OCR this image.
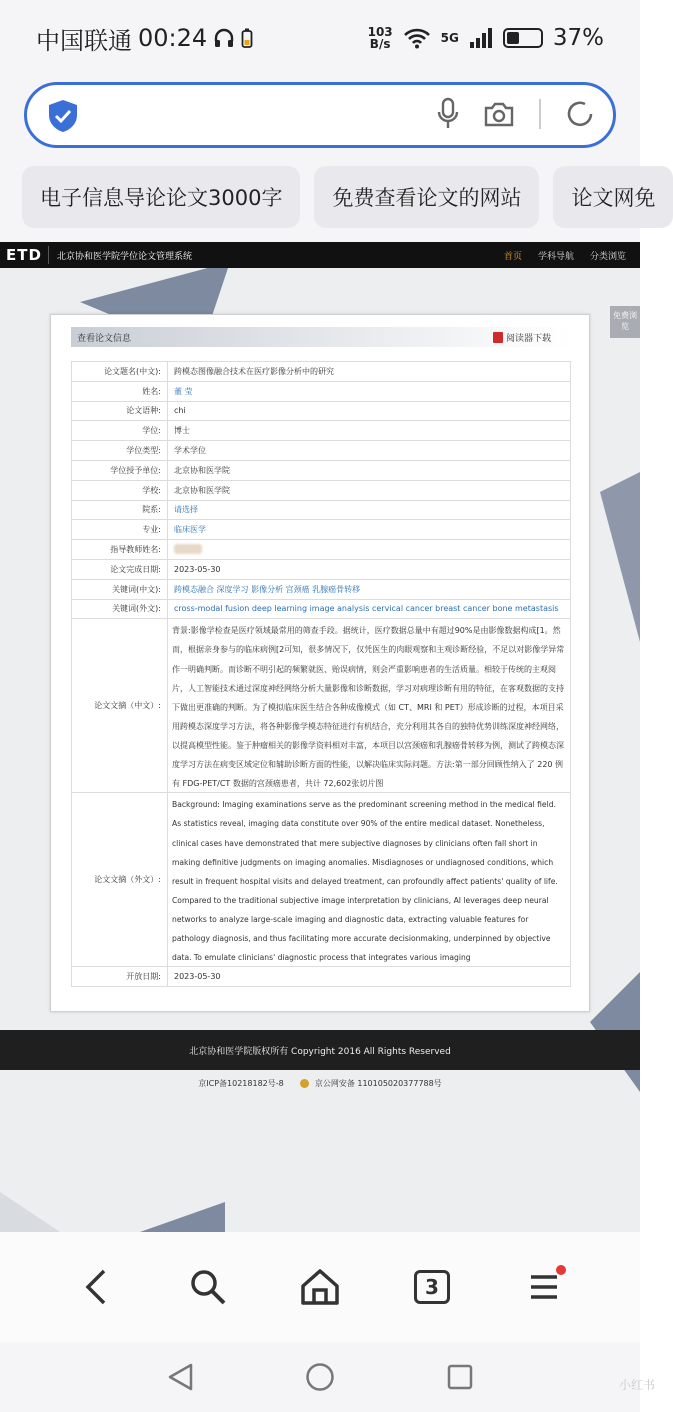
中国联通 00:24	103
B/s	5G	37%
电子信息导论论文3000字	免费查看论文的网站	论文网免
ETD	北京协和医学院学位论文管理系统	首页 学科导航 分类浏览
免费浏览
查看论文信息	阅读器下载
论文题名(中文):	跨模态图像融合技术在医疗影像分析中的研究
姓名:	董 莹
论文语种:	chi
学位:	博士
学位类型:	学术学位
学位授予单位:	北京协和医学院
学校:	北京协和医学院
院系:	请选择
专业:	临床医学
指导教师姓名:	
论文完成日期:	2023-05-30
关键词(中文):	跨模态融合 深度学习 影像分析 宫颈癌 乳腺癌骨转移
关键词(外文):	cross-modal fusion deep learning image analysis cervical cancer breast cancer bone metastasis
论文文摘（中文）:	背景:影像学检查是医疗领域最常用的筛查手段。据统计，医疗数据总量中有超过90%是由影像数据构成[1。然而，根据亲身参与的临床病例[2可知，很多情况下，仅凭医生的肉眼观察和主观诊断经验，不足以对影像学异常作一明确判断。而诊断不明引起的频繁就医、贻误病情，则会严重影响患者的生活质量。相较于传统的主观阅片，人工智能技术通过深度神经网络分析大量影像和诊断数据，学习对病理诊断有用的特征，在客观数据的支持下做出更准确的判断。为了模拟临床医生结合各种成像模式（如 CT、MRI 和 PET）形成诊断的过程，本项目采用跨模态深度学习方法，将各种影像学模态特征进行有机结合，充分利用其各自的独特优势训练深度神经网络，以提高模型性能。鉴于肿瘤相关的影像学资料相对丰富，本项目以宫颈癌和乳腺癌骨转移为例，测试了跨模态深度学习方法在病变区域定位和辅助诊断方面的性能，以解决临床实际问题。方法:第一部分回顾性纳入了 220 例有 FDG-PET/CT 数据的宫颈癌患者，共计 72,602张切片图

论文文摘（外文）:	Background: Imaging examinations serve as the predominant screening method in the medical field. As statistics reveal, imaging data constitute over 90% of the entire medical dataset. Nonetheless, clinical cases have demonstrated that mere subjective diagnoses by clinicians often fall short in making definitive judgments on imaging anomalies. Misdiagnoses or undiagnosed conditions, which result in frequent hospital visits and delayed treatment, can profoundly affect patients' quality of life. Compared to the traditional subjective image interpretation by clinicians, AI leverages deep neural networks to analyze large-scale imaging and diagnostic data, extracting valuable features for pathology diagnosis, and thus facilitating more accurate decisionmaking, underpinned by objective data. To emulate clinicians' diagnostic process that integrates various imaging

开放日期:	2023-05-30
北京协和医学院版权所有 Copyright 2016 All Rights Reserved
京ICP备10218182号-8	京公网安备 110105020377788号
3
小红书
